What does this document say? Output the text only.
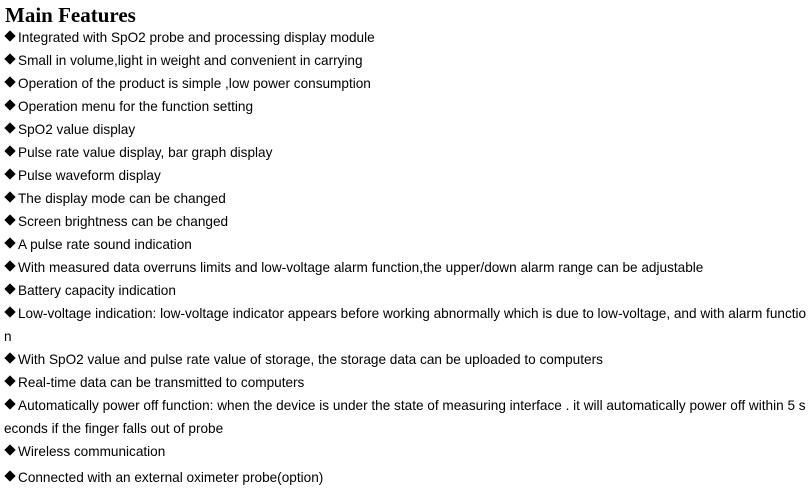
Main Features
Integrated with SpO2 probe and processing display module
Small in volume,light in weight and convenient in carrying
Operation of the product is simple ,low power consumption
Operation menu for the function setting
SpO2 value display
Pulse rate value display, bar graph display
Pulse waveform display
The display mode can be changed
Screen brightness can be changed
A pulse rate sound indication
With measured data overruns limits and low-voltage alarm function,the upper/down alarm range can be adjustable
Battery capacity indication
Low-voltage indication: low-voltage indicator appears before working abnormally which is due to low-voltage, and with alarm function
With SpO2 value and pulse rate value of storage, the storage data can be uploaded to computers
Real-time data can be transmitted to computers
Automatically power off function: when the device is under the state of measuring interface . it will automatically power off within 5 seconds if the finger falls out of probe
Wireless communication
Connected with an external oximeter probe(option)
